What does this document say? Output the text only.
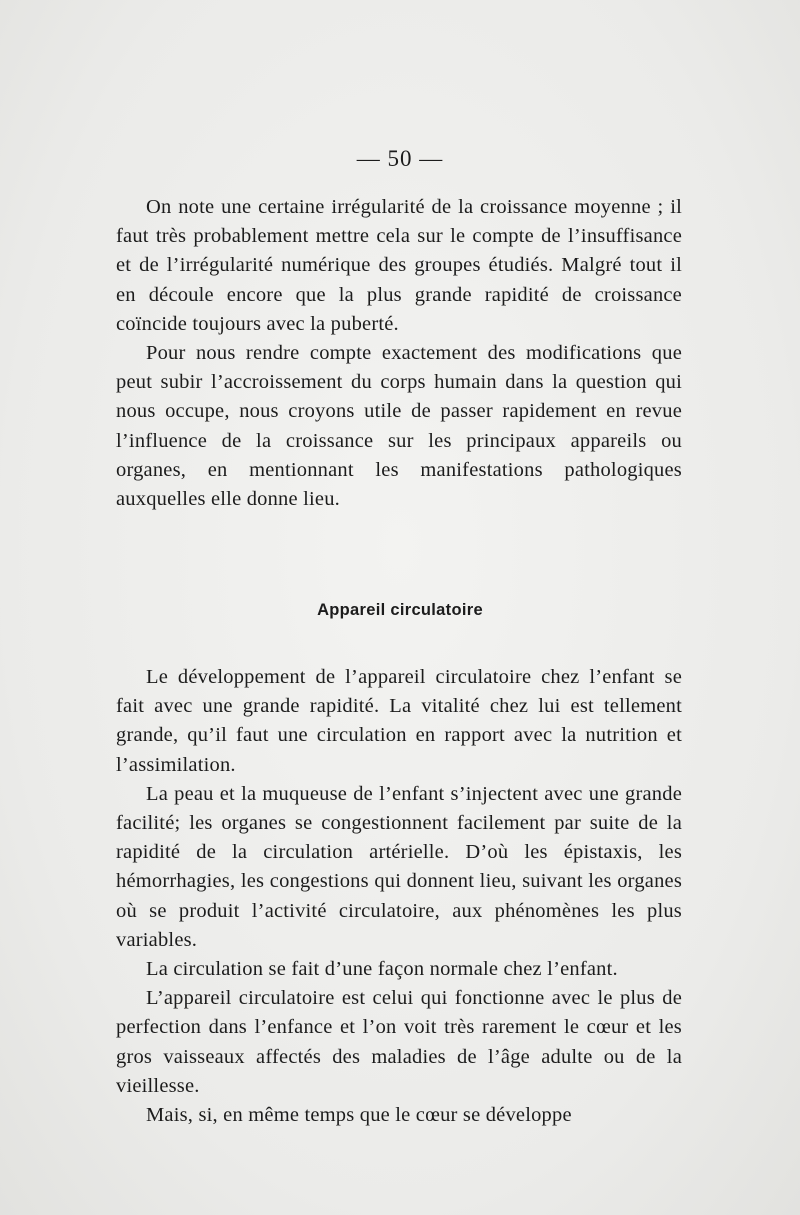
— 50 —

On note une certaine irrégularité de la croissance moyenne ; il faut très probablement mettre cela sur le compte de l’insuffisance et de l’irrégularité numérique des groupes étudiés. Malgré tout il en découle encore que la plus grande rapidité de croissance coïncide toujours avec la puberté.

Pour nous rendre compte exactement des modifications que peut subir l’accroissement du corps humain dans la question qui nous occupe, nous croyons utile de passer rapidement en revue l’influence de la croissance sur les principaux appareils ou organes, en mentionnant les manifestations pathologiques auxquelles elle donne lieu.

Appareil circulatoire

Le développement de l’appareil circulatoire chez l’enfant se fait avec une grande rapidité. La vitalité chez lui est tellement grande, qu’il faut une circulation en rapport avec la nutrition et l’assimilation.

La peau et la muqueuse de l’enfant s’injectent avec une grande facilité; les organes se congestionnent facilement par suite de la rapidité de la circulation artérielle. D’où les épistaxis, les hémorrhagies, les congestions qui donnent lieu, suivant les organes où se produit l’activité circulatoire, aux phénomènes les plus variables.

La circulation se fait d’une façon normale chez l’enfant.

L’appareil circulatoire est celui qui fonctionne avec le plus de perfection dans l’enfance et l’on voit très rarement le cœur et les gros vaisseaux affectés des maladies de l’âge adulte ou de la vieillesse.

Mais, si, en même temps que le cœur se développe
